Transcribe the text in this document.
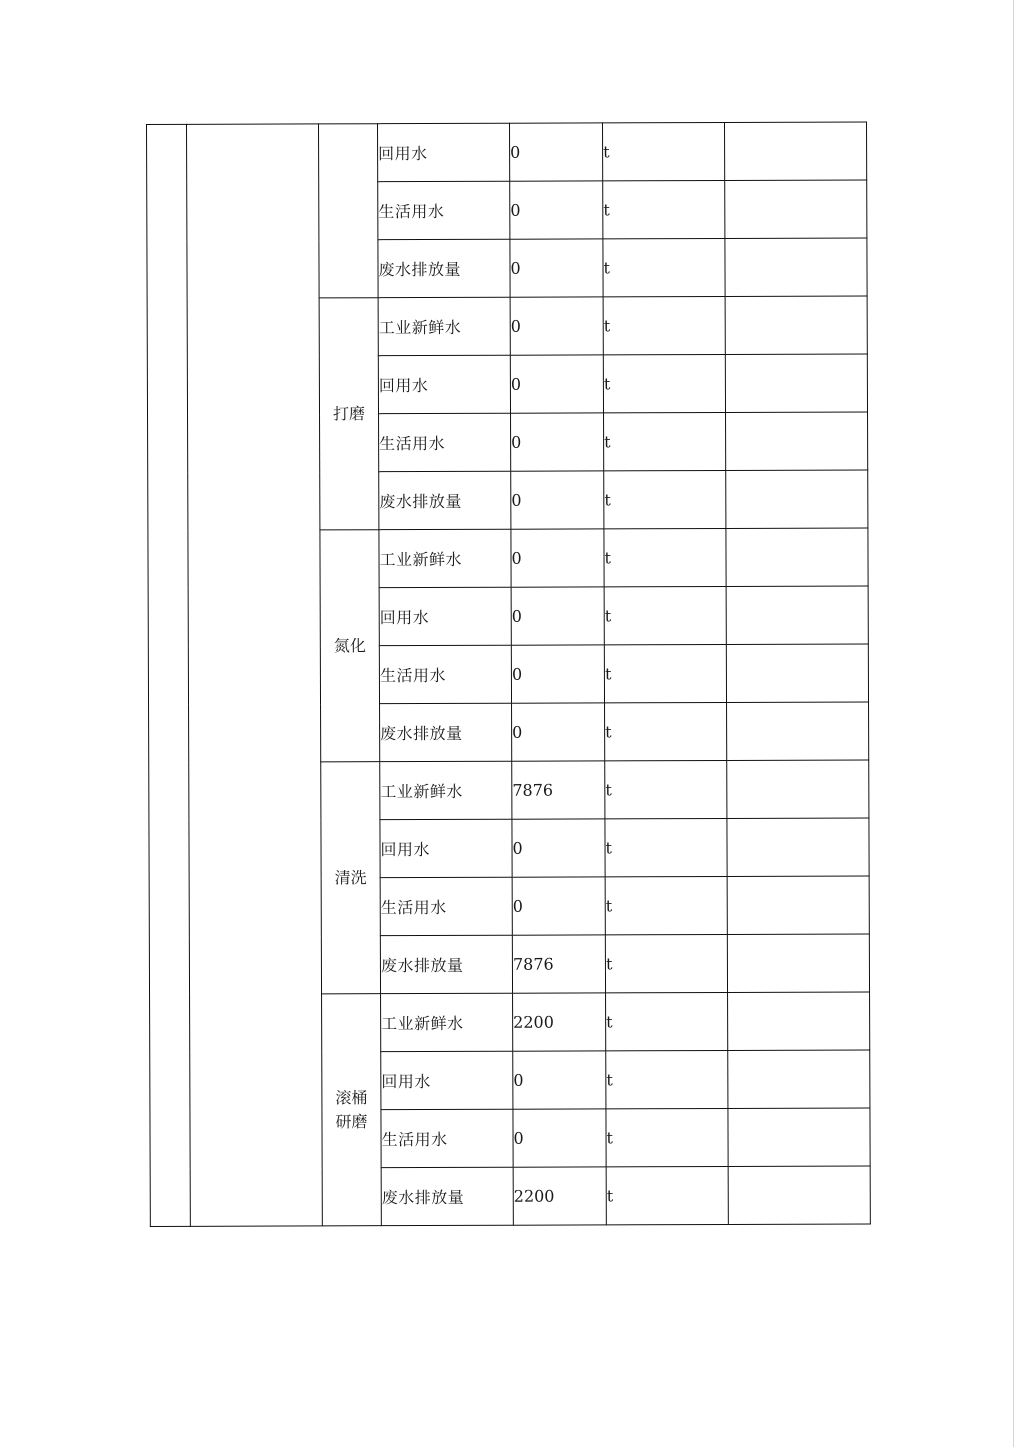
			回用水	0	t	
			生活用水	0	t	
			废水排放量	0	t	
		打磨	工业新鲜水	0	t	
			回用水	0	t	
			生活用水	0	t	
			废水排放量	0	t	
		氮化	工业新鲜水	0	t	
			回用水	0	t	
			生活用水	0	t	
			废水排放量	0	t	
		清洗	工业新鲜水	7876	t	
			回用水	0	t	
			生活用水	0	t	
			废水排放量	7876	t	
		滚桶研磨	工业新鲜水	2200	t	
			回用水	0	t	
			生活用水	0	t	
			废水排放量	2200	t	
